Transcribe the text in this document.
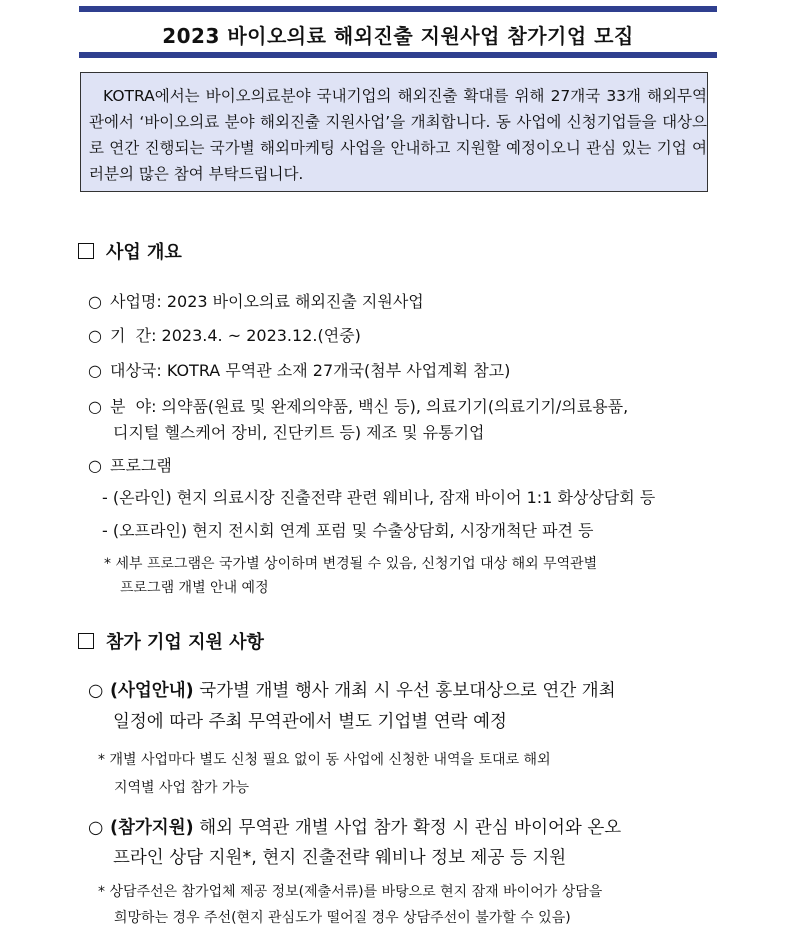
2023 바이오의료 해외진출 지원사업 참가기업 모집

KOTRA에서는 바이오의료분야 국내기업의 해외진출 확대를 위해 27개국 33개 해외무역관에서 ‘바이오의료 분야 해외진출 지원사업’을 개최합니다. 동 사업에 신청기업들을 대상으로 연간 진행되는 국가별 해외마케팅 사업을 안내하고 지원할 예정이오니 관심 있는 기업 여러분의 많은 참여 부탁드립니다.

사업 개요
○ 사업명: 2023 바이오의료 해외진출 지원사업
○ 기  간: 2023.4. ~ 2023.12.(연중)
○ 대상국: KOTRA 무역관 소재 27개국(첨부 사업계획 참고)
○ 분  야: 의약품(원료 및 완제의약품, 백신 등), 의료기기(의료기기/의료용품,
디지털 헬스케어 장비, 진단키트 등) 제조 및 유통기업
○ 프로그램
- (온라인) 현지 의료시장 진출전략 관련 웨비나, 잠재 바이어 1:1 화상상담회 등
- (오프라인) 현지 전시회 연계 포럼 및 수출상담회, 시장개척단 파견 등
* 세부 프로그램은 국가별 상이하며 변경될 수 있음, 신청기업 대상 해외 무역관별
프로그램 개별 안내 예정
참가 기업 지원 사항
○ (사업안내) 국가별 개별 행사 개최 시 우선 홍보대상으로 연간 개최
일정에 따라 주최 무역관에서 별도 기업별 연락 예정
* 개별 사업마다 별도 신청 필요 없이 동 사업에 신청한 내역을 토대로 해외
지역별 사업 참가 가능
○ (참가지원) 해외 무역관 개별 사업 참가 확정 시 관심 바이어와 온오
프라인 상담 지원*, 현지 진출전략 웨비나 정보 제공 등 지원
* 상담주선은 참가업체 제공 정보(제출서류)를 바탕으로 현지 잠재 바이어가 상담을
희망하는 경우 주선(현지 관심도가 떨어질 경우 상담주선이 불가할 수 있음)
